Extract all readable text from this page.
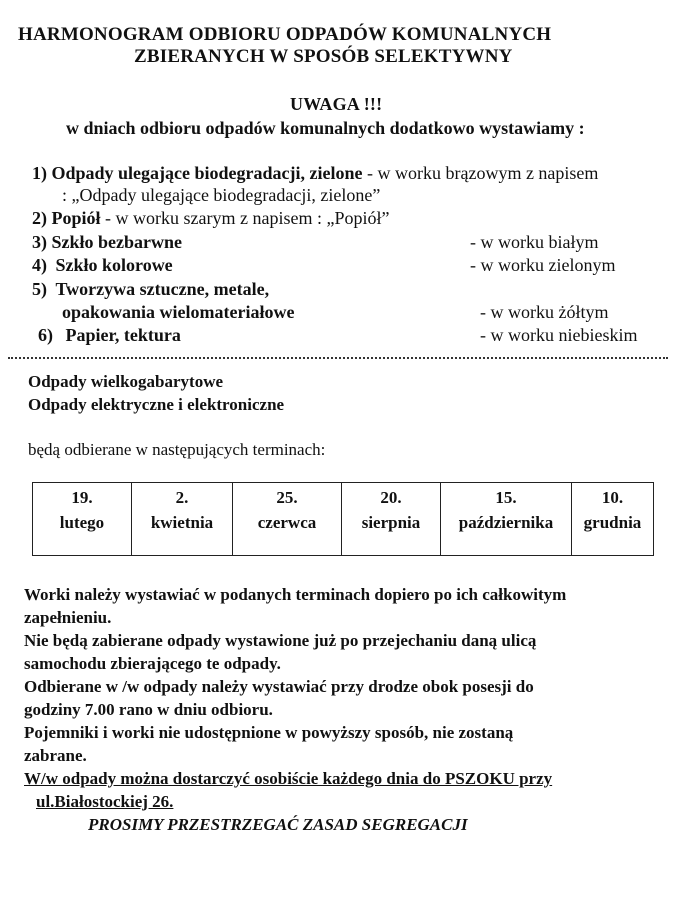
HARMONOGRAM ODBIORU ODPADÓW KOMUNALNYCH
ZBIERANYCH W SPOSÓB SELEKTYWNY
UWAGA !!!
w dniach odbioru odpadów komunalnych dodatkowo wystawiamy :
1) Odpady ulegające biodegradacji, zielone - w worku brązowym z napisem
: „Odpady ulegające biodegradacji, zielone”
2) Popiół - w worku szarym z napisem : „Popiół”
3) Szkło bezbarwne	- w worku białym
4) Szkło kolorowe	- w worku zielonym
5) Tworzywa sztuczne, metale,
opakowania wielomateriałowe	- w worku żółtym
6) Papier, tektura	- w worku niebieskim
Odpady wielkogabarytowe
Odpady elektryczne i elektroniczne
będą odbierane w następujących terminach:
19.
lutego	2.
kwietnia	25.
czerwca	20.
sierpnia	15.
października	10.
grudnia
Worki należy wystawiać w podanych terminach dopiero po ich całkowitym
zapełnieniu.
Nie będą zabierane odpady wystawione już po przejechaniu daną ulicą
samochodu zbierającego te odpady.
Odbierane w /w odpady należy wystawiać przy drodze obok posesji do
godziny 7.00 rano w dniu odbioru.
Pojemniki i worki nie udostępnione w powyższy sposób, nie zostaną
zabrane.
W/w odpady można dostarczyć osobiście każdego dnia do PSZOKU przy
ul.Białostockiej 26.
PROSIMY PRZESTRZEGAĆ ZASAD SEGREGACJI
